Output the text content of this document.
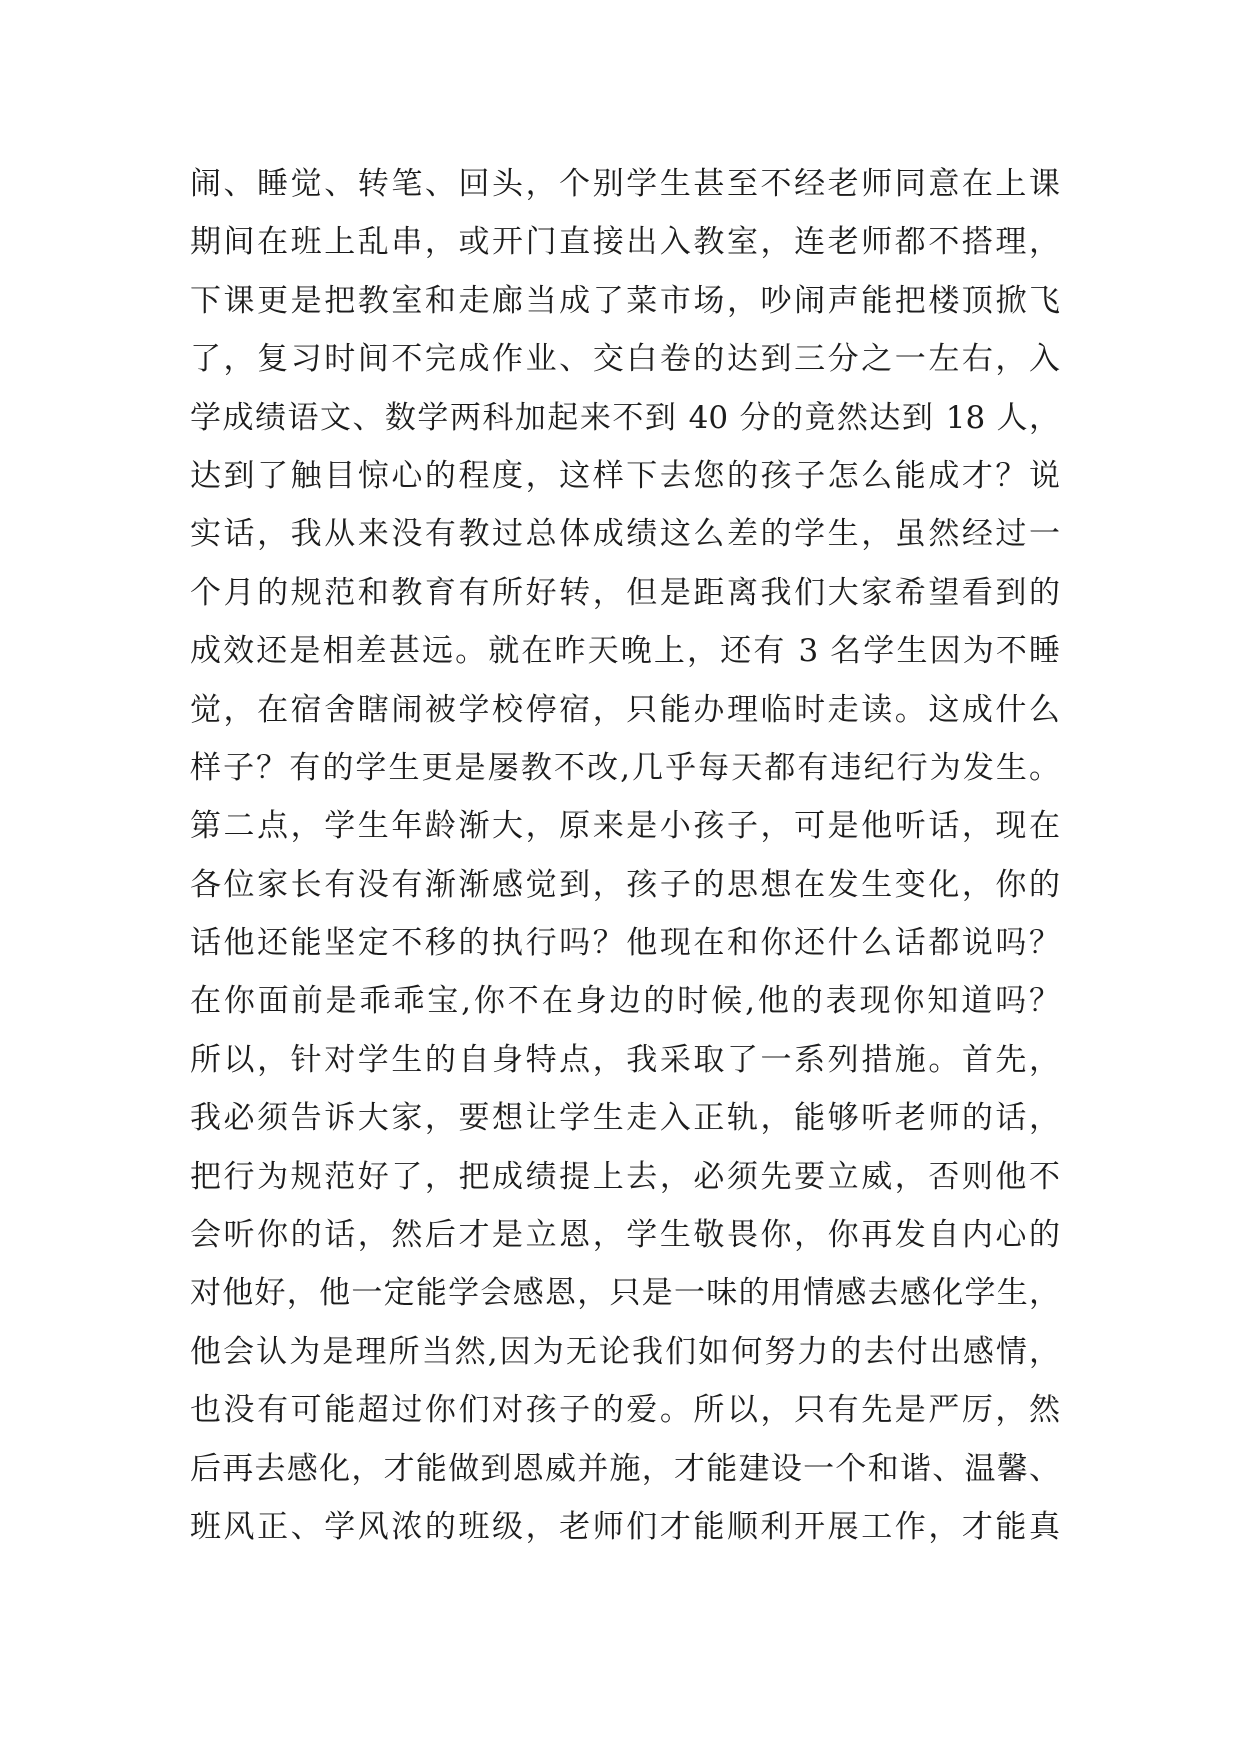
闹、睡觉、转笔、回头，个别学生甚至不经老师同意在上课
期间在班上乱串，或开门直接出入教室，连老师都不搭理，
下课更是把教室和走廊当成了菜市场，吵闹声能把楼顶掀飞
了，复习时间不完成作业、交白卷的达到三分之一左右，入
学成绩语文、数学两科加起来不到 40 分的竟然达到 18 人，
达到了触目惊心的程度，这样下去您的孩子怎么能成才？说
实话，我从来没有教过总体成绩这么差的学生，虽然经过一
个月的规范和教育有所好转，但是距离我们大家希望看到的
成效还是相差甚远。就在昨天晚上，还有 3 名学生因为不睡
觉，在宿舍瞎闹被学校停宿，只能办理临时走读。这成什么
样子？有的学生更是屡教不改,几乎每天都有违纪行为发生。
第二点，学生年龄渐大，原来是小孩子，可是他听话，现在
各位家长有没有渐渐感觉到，孩子的思想在发生变化，你的
话他还能坚定不移的执行吗？他现在和你还什么话都说吗？
在你面前是乖乖宝,你不在身边的时候,他的表现你知道吗？
所以，针对学生的自身特点，我采取了一系列措施。首先，
我必须告诉大家，要想让学生走入正轨，能够听老师的话，
把行为规范好了，把成绩提上去，必须先要立威，否则他不
会听你的话，然后才是立恩，学生敬畏你，你再发自内心的
对他好，他一定能学会感恩，只是一味的用情感去感化学生，
他会认为是理所当然,因为无论我们如何努力的去付出感情，
也没有可能超过你们对孩子的爱。所以，只有先是严厉，然
后再去感化，才能做到恩威并施，才能建设一个和谐、温馨、
班风正、学风浓的班级，老师们才能顺利开展工作，才能真
